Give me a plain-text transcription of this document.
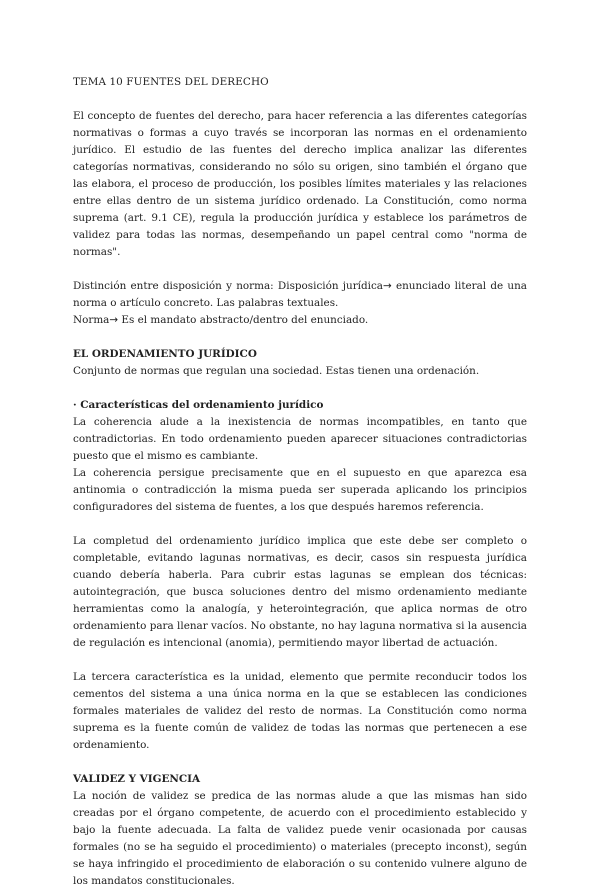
TEMA 10 FUENTES DEL DERECHO

El concepto de fuentes del derecho, para hacer referencia a las diferentes categorías normativas o formas a cuyo través se incorporan las normas en el ordenamiento jurídico. El estudio de las fuentes del derecho implica analizar las diferentes categorías normativas, considerando no sólo su origen, sino también el órgano que las elabora, el proceso de producción, los posibles límites materiales y las relaciones entre ellas dentro de un sistema jurídico ordenado. La Constitución, como norma suprema (art. 9.1 CE), regula la producción jurídica y establece los parámetros de validez para todas las normas, desempeñando un papel central como "norma de normas".

Distinción entre disposición y norma: Disposición jurídica→ enunciado literal de una norma o artículo concreto. Las palabras textuales.

Norma→ Es el mandato abstracto/dentro del enunciado.

EL ORDENAMIENTO JURÍDICO

Conjunto de normas que regulan una sociedad. Estas tienen una ordenación.

· Características del ordenamiento jurídico

La coherencia alude a la inexistencia de normas incompatibles, en tanto que contradictorias. En todo ordenamiento pueden aparecer situaciones contradictorias puesto que el mismo es cambiante.

La coherencia persigue precisamente que en el supuesto en que aparezca esa antinomia o contradicción la misma pueda ser superada aplicando los principios configuradores del sistema de fuentes, a los que después haremos referencia.

La completud del ordenamiento jurídico implica que este debe ser completo o completable, evitando lagunas normativas, es decir, casos sin respuesta jurídica cuando debería haberla. Para cubrir estas lagunas se emplean dos técnicas: autointegración, que busca soluciones dentro del mismo ordenamiento mediante herramientas como la analogía, y heterointegración, que aplica normas de otro ordenamiento para llenar vacíos. No obstante, no hay laguna normativa si la ausencia de regulación es intencional (anomia), permitiendo mayor libertad de actuación.

La tercera característica es la unidad, elemento que permite reconducir todos los cementos del sistema a una única norma en la que se establecen las condiciones formales materiales de validez del resto de normas. La Constitución como norma suprema es la fuente común de validez de todas las normas que pertenecen a ese ordenamiento.

VALIDEZ Y VIGENCIA

La noción de validez se predica de las normas alude a que las mismas han sido creadas por el órgano competente, de acuerdo con el procedimiento establecido y bajo la fuente adecuada. La falta de validez puede venir ocasionada por causas formales (no se ha seguido el procedimiento) o materiales (precepto inconst), según se haya infringido el procedimiento de elaboración o su contenido vulnere alguno de los mandatos constitucionales.
